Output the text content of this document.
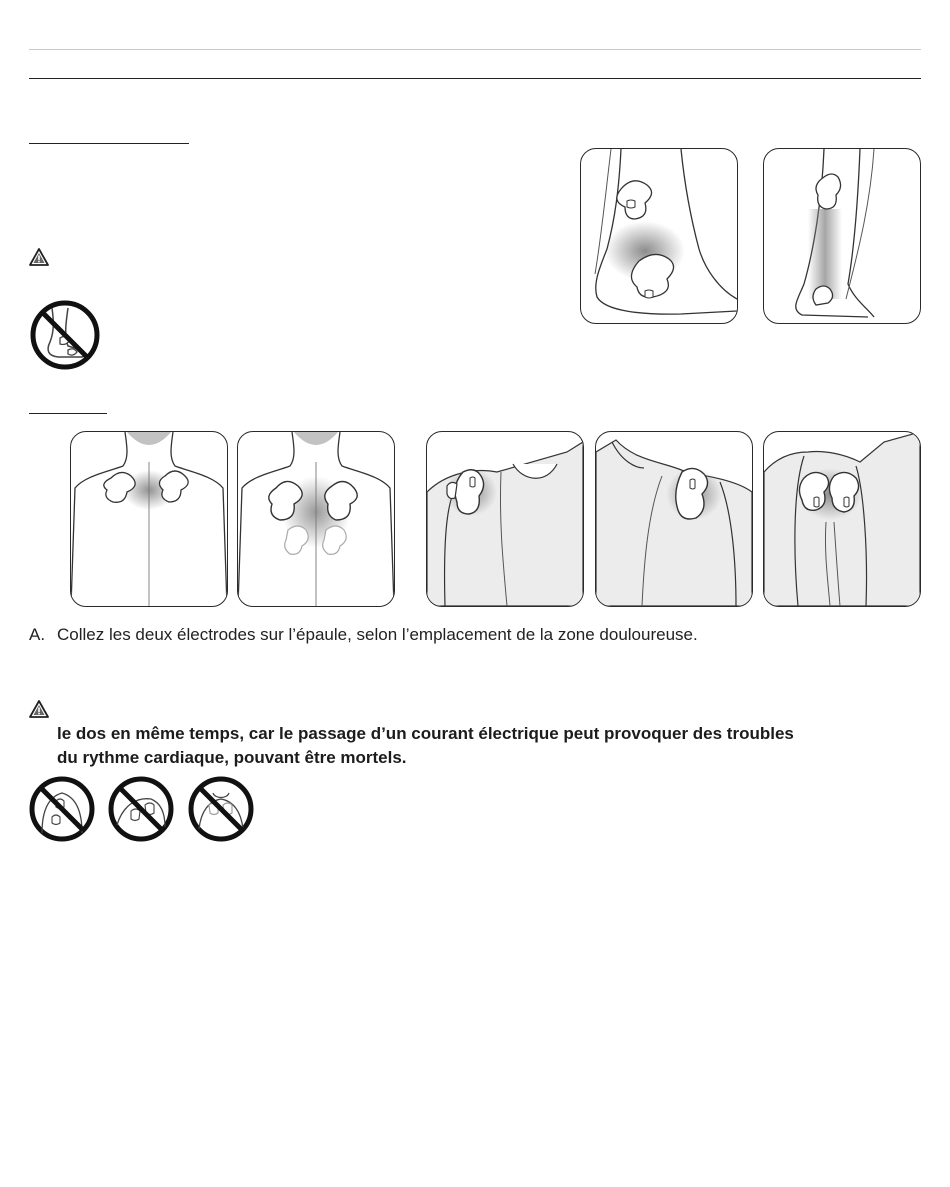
A. Collez les deux électrodes sur l’épaule, selon l’emplacement de la zone douloureuse.
le dos en même temps, car le passage d’un courant électrique peut provoquer des troubles
du rythme cardiaque, pouvant être mortels.
